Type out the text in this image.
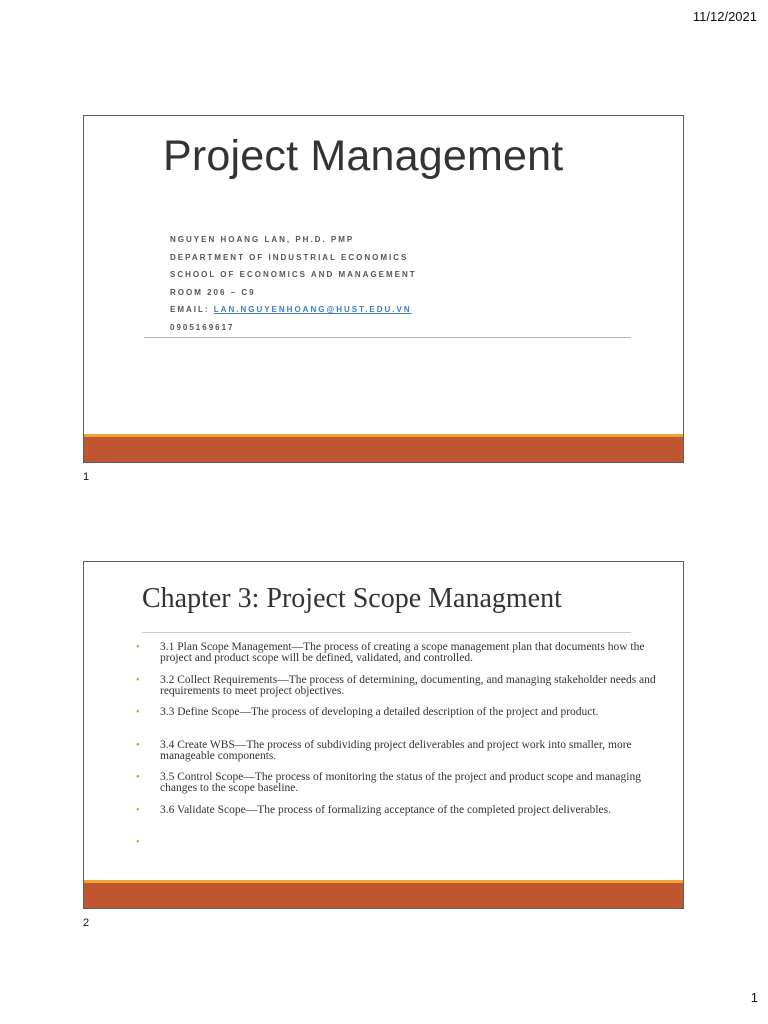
11/12/2021
Project Management
NGUYEN HOANG LAN, PH.D. PMP
DEPARTMENT OF INDUSTRIAL ECONOMICS
SCHOOL OF ECONOMICS AND MANAGEMENT
ROOM 206 – C9
EMAIL: LAN.NGUYENHOANG@HUST.EDU.VN
0905169617
1
Chapter 3: Project Scope Managment
• 3.1 Plan Scope Management—The process of creating a scope management plan that documents how the project and product scope will be defined, validated, and controlled.
• 3.2 Collect Requirements—The process of determining, documenting, and managing stakeholder needs and requirements to meet project objectives.
• 3.3 Define Scope—The process of developing a detailed description of the project and product.
• 3.4 Create WBS—The process of subdividing project deliverables and project work into smaller, more manageable components.
• 3.5 Control Scope—The process of monitoring the status of the project and product scope and managing changes to the scope baseline.
• 3.6 Validate Scope—The process of formalizing acceptance of the completed project deliverables.
•
2
1
